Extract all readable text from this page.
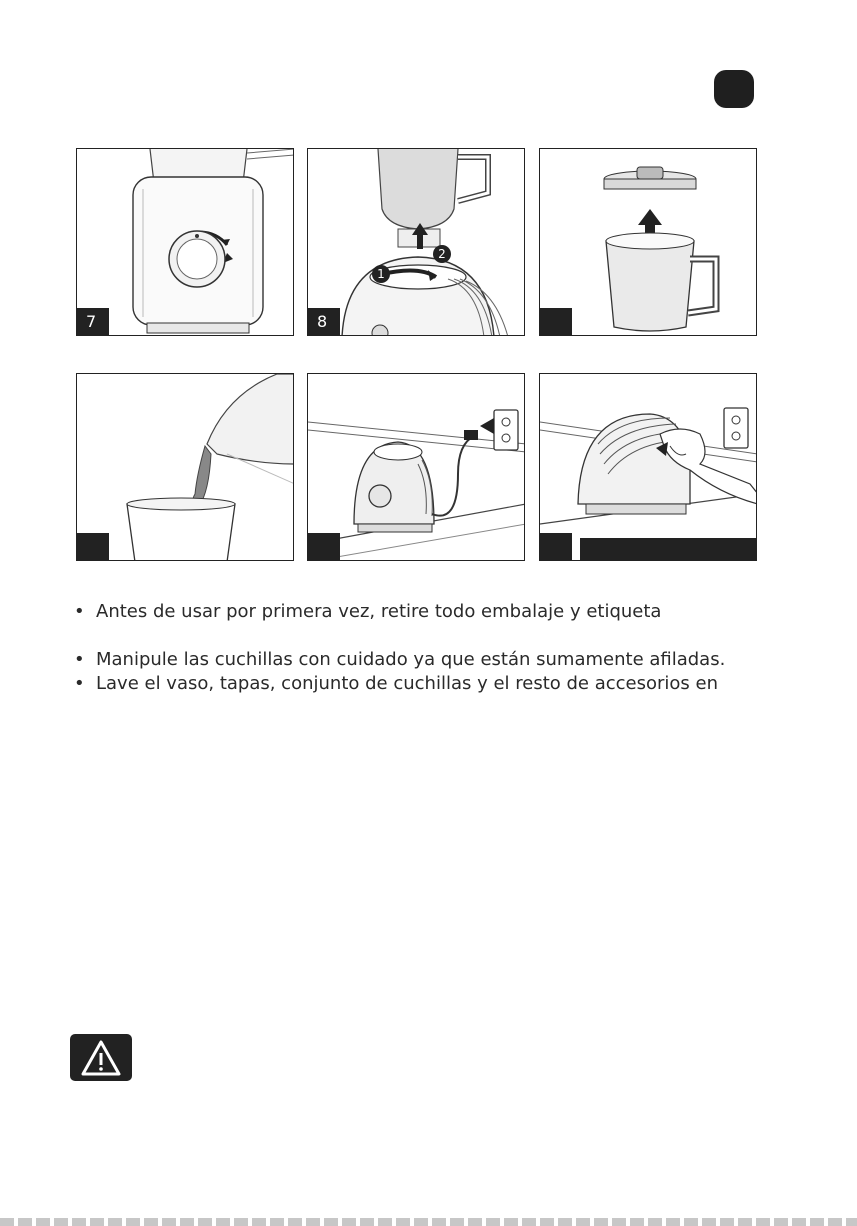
7
1
2
8
• Antes de usar por primera vez, retire todo embalaje y etiqueta
• Manipule las cuchillas con cuidado ya que están sumamente afiladas.
• Lave el vaso, tapas, conjunto de cuchillas y el resto de accesorios en
